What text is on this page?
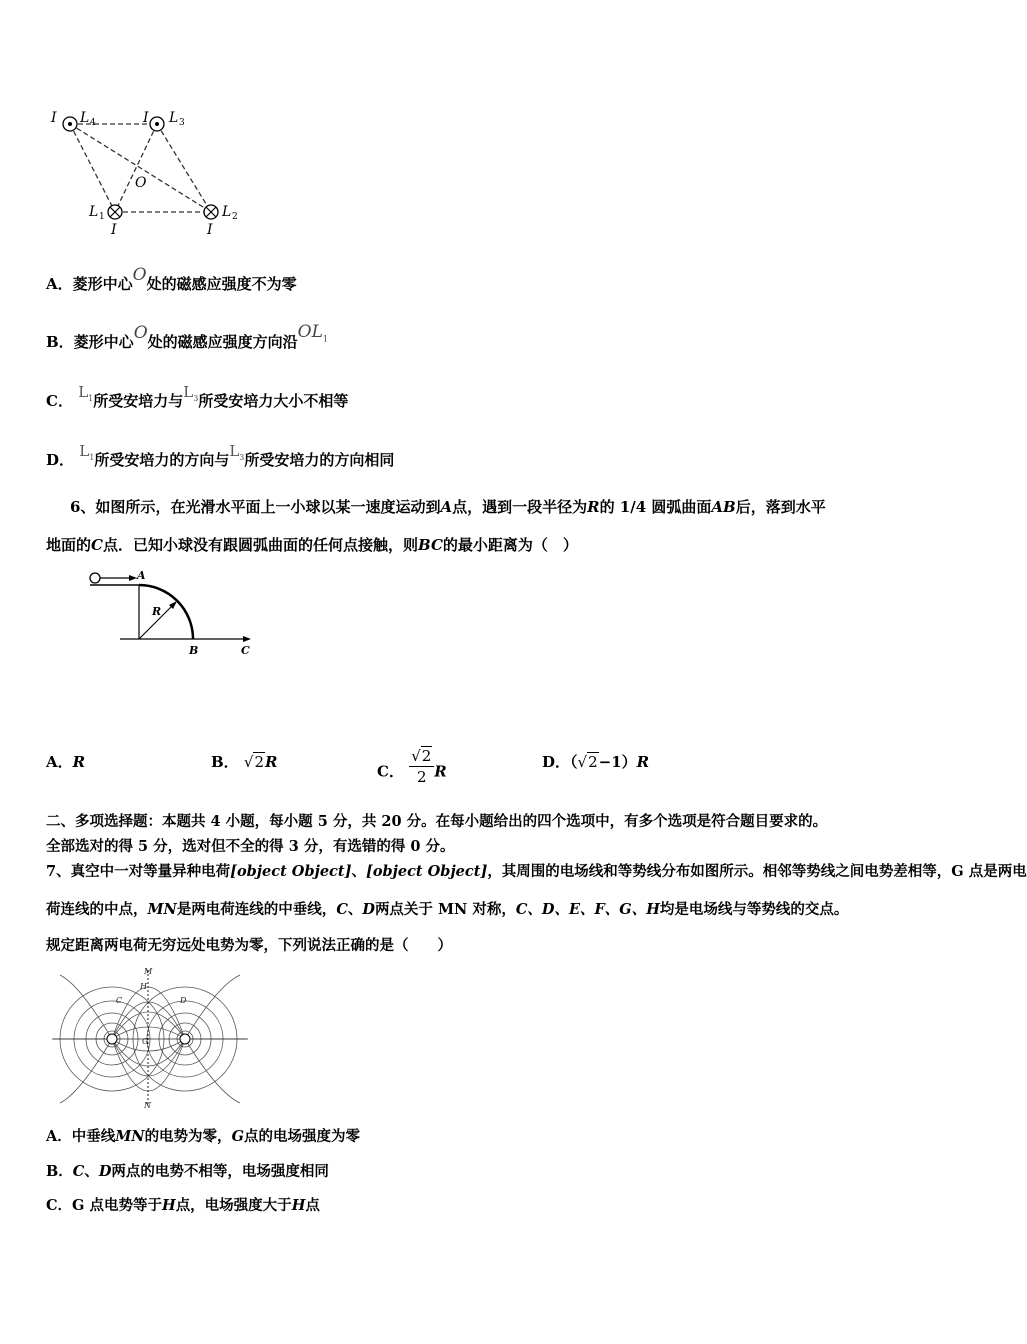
I L 4	I L 3
O
L 1
I
L 2
I
A．菱形中心O处的磁感应强度不为零
B．菱形中心O处的磁感应强度方向沿$OL_1$
C． $L_1$所受安培力与$L_3$所受安培力大小不相等
D． $L_1$所受安培力的方向与$L_3$所受安培力的方向相同
6、如图所示，在光滑水平面上一小球以某一速度运动到A点，遇到一段半径为R的 1/4 圆弧曲面AB后，落到水平
地面的C点．已知小球没有跟圆弧曲面的任何点接触，则BC的最小距离为（　）
A
R
B	C
A．R	B． √2R
C． $\frac{√2}{2}$ R
D．（√2−1）R
二、多项选择题：本题共 4 小题，每小题 5 分，共 20 分。在每小题给出的四个选项中，有多个选项是符合题目要求的。
全部选对的得 5 分，选对但不全的得 3 分，有选错的得 0 分。
7、真空中一对等量异种电荷[object Object]、[object Object]，其周围的电场线和等势线分布如图所示。相邻等势线之间电势差相等，G 点是两电
荷连线的中点，MN是两电荷连线的中垂线，C、D两点关于 MN 对称，C、D、E、F、G、H均是电场线与等势线的交点。
规定距离两电荷无穷远处电势为零，下列说法正确的是（　　）
M
H
C	D
G
N
A．中垂线MN的电势为零，G点的电场强度为零
B．C、D两点的电势不相等，电场强度相同
C．G 点电势等于H点，电场强度大于H点
